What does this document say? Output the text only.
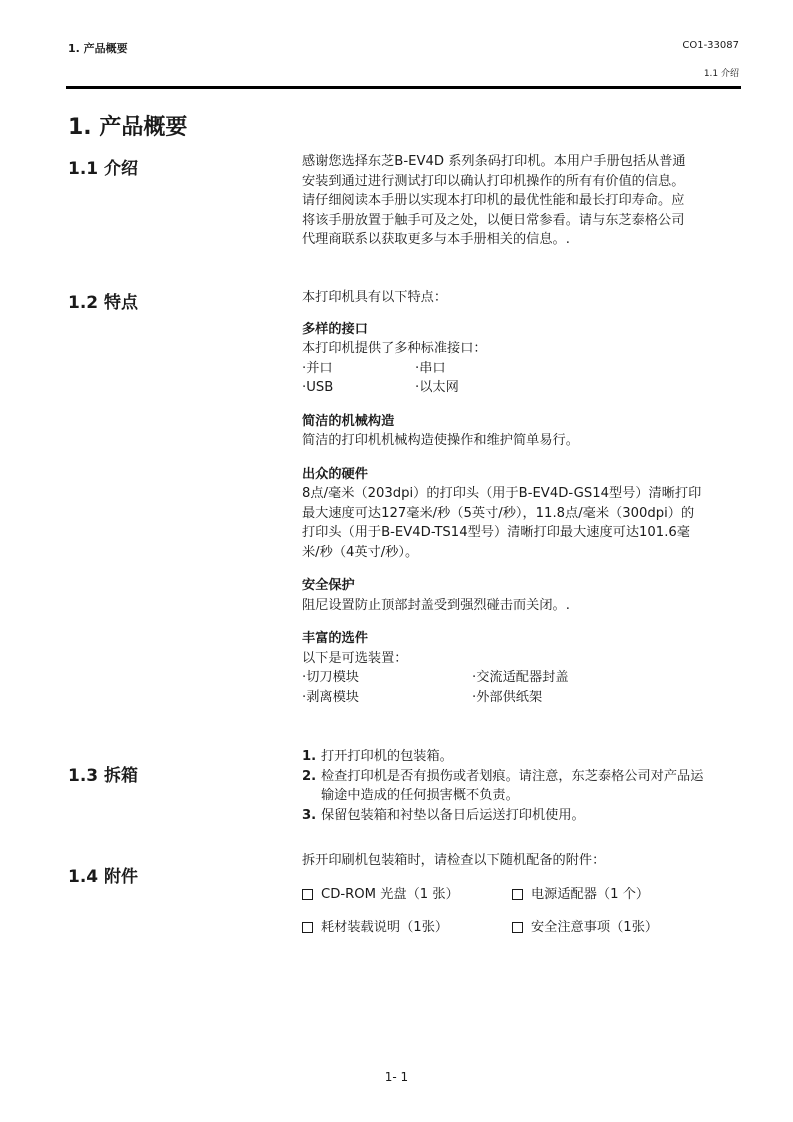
1. 产品概要	CO1-33087
1.1 介绍
1. 产品概要
1.1 介绍	感谢您选择东芝B-EV4D 系列条码打印机。本用户手册包括从普通

安装到通过进行测试打印以确认打印机操作的所有有价值的信息。

请仔细阅读本手册以实现本打印机的最优性能和最长打印寿命。应

将该手册放置于触手可及之处，以便日常参看。请与东芝泰格公司

代理商联系以获取更多与本手册相关的信息。.

1.2 特点	本打印机具有以下特点：

多样的接口

本打印机提供了多种标准接口：

·并口	·串口
·USB	·以太网

简洁的机械构造

简洁的打印机机械构造使操作和维护简单易行。

出众的硬件

8点/毫米（203dpi）的打印头（用于B-EV4D-GS14型号）清晰打印

最大速度可达127毫米/秒（5英寸/秒），11.8点/毫米（300dpi）的

打印头（用于B-EV4D-TS14型号）清晰打印最大速度可达101.6毫

米/秒（4英寸/秒）。

安全保护

阻尼设置防止顶部封盖受到强烈碰击而关闭。.

丰富的选件

以下是可选装置：

·切刀模块	·交流适配器封盖
·剥离模块	·外部供纸架
1.3 拆箱
1. 打开打印机的包装箱。
2. 检查打印机是否有损伤或者划痕。请注意，东芝泰格公司对产品运
输途中造成的任何损害概不负责。
3. 保留包装箱和衬垫以备日后运送打印机使用。
1.4 附件

拆开印刷机包装箱时，请检查以下随机配备的附件：

CD-ROM 光盘（1 张）	电源适配器（1 个）
耗材装载说明（1张）	安全注意事项（1张）
1- 1
